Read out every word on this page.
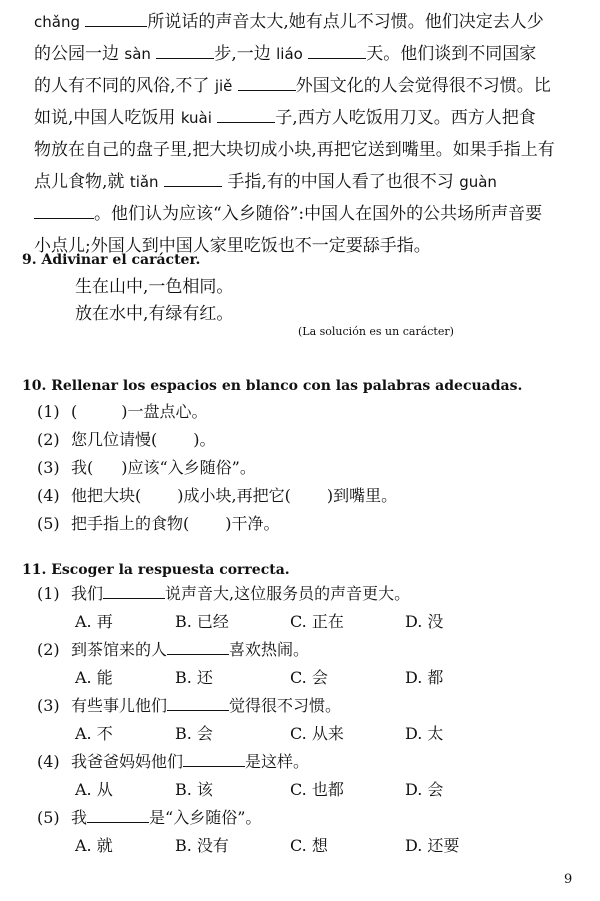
chǎng	所说话的声音太大,她有点儿不习惯。他们决定去人少
的公园一边 sàn	步,一边 liáo	天。他们谈到不同国家
的人有不同的风俗,不了 jiě	外国文化的人会觉得很不习惯。比
如说,中国人吃饭用 kuài	子,西方人吃饭用刀叉。西方人把食
物放在自己的盘子里,把大块切成小块,再把它送到嘴里。如果手指上有
点儿食物,就 tiǎn	手指,有的中国人看了也很不习 guàn
。他们认为应该“入乡随俗”:中国人在国外的公共场所声音要
小点儿;外国人到中国人家里吃饭也不一定要舔手指。
9. Adivinar el carácter.
生在山中,一色相同。
放在水中,有绿有红。
(La solución es un carácter)
10. Rellenar los espacios en blanco con las palabras adecuadas.
(1) (	)一盘点心。
(2) 您几位请慢( )。
(3) 我( )应该“入乡随俗”。
(4) 他把大块( )成小块,再把它( )到嘴里。
(5) 把手指上的食物( )干净。
11. Escoger la respuesta correcta.
(1) 我们	说声音大,这位服务员的声音更大。
A. 再	B. 已经	C. 正在	D. 没
(2) 到茶馆来的人	喜欢热闹。
A. 能	B. 还	C. 会	D. 都
(3) 有些事儿他们	觉得很不习惯。
A. 不	B. 会	C. 从来	D. 太
(4) 我爸爸妈妈他们	是这样。
A. 从	B. 该	C. 也都	D. 会
(5) 我	是“入乡随俗”。
A. 就	B. 没有	C. 想	D. 还要
9
